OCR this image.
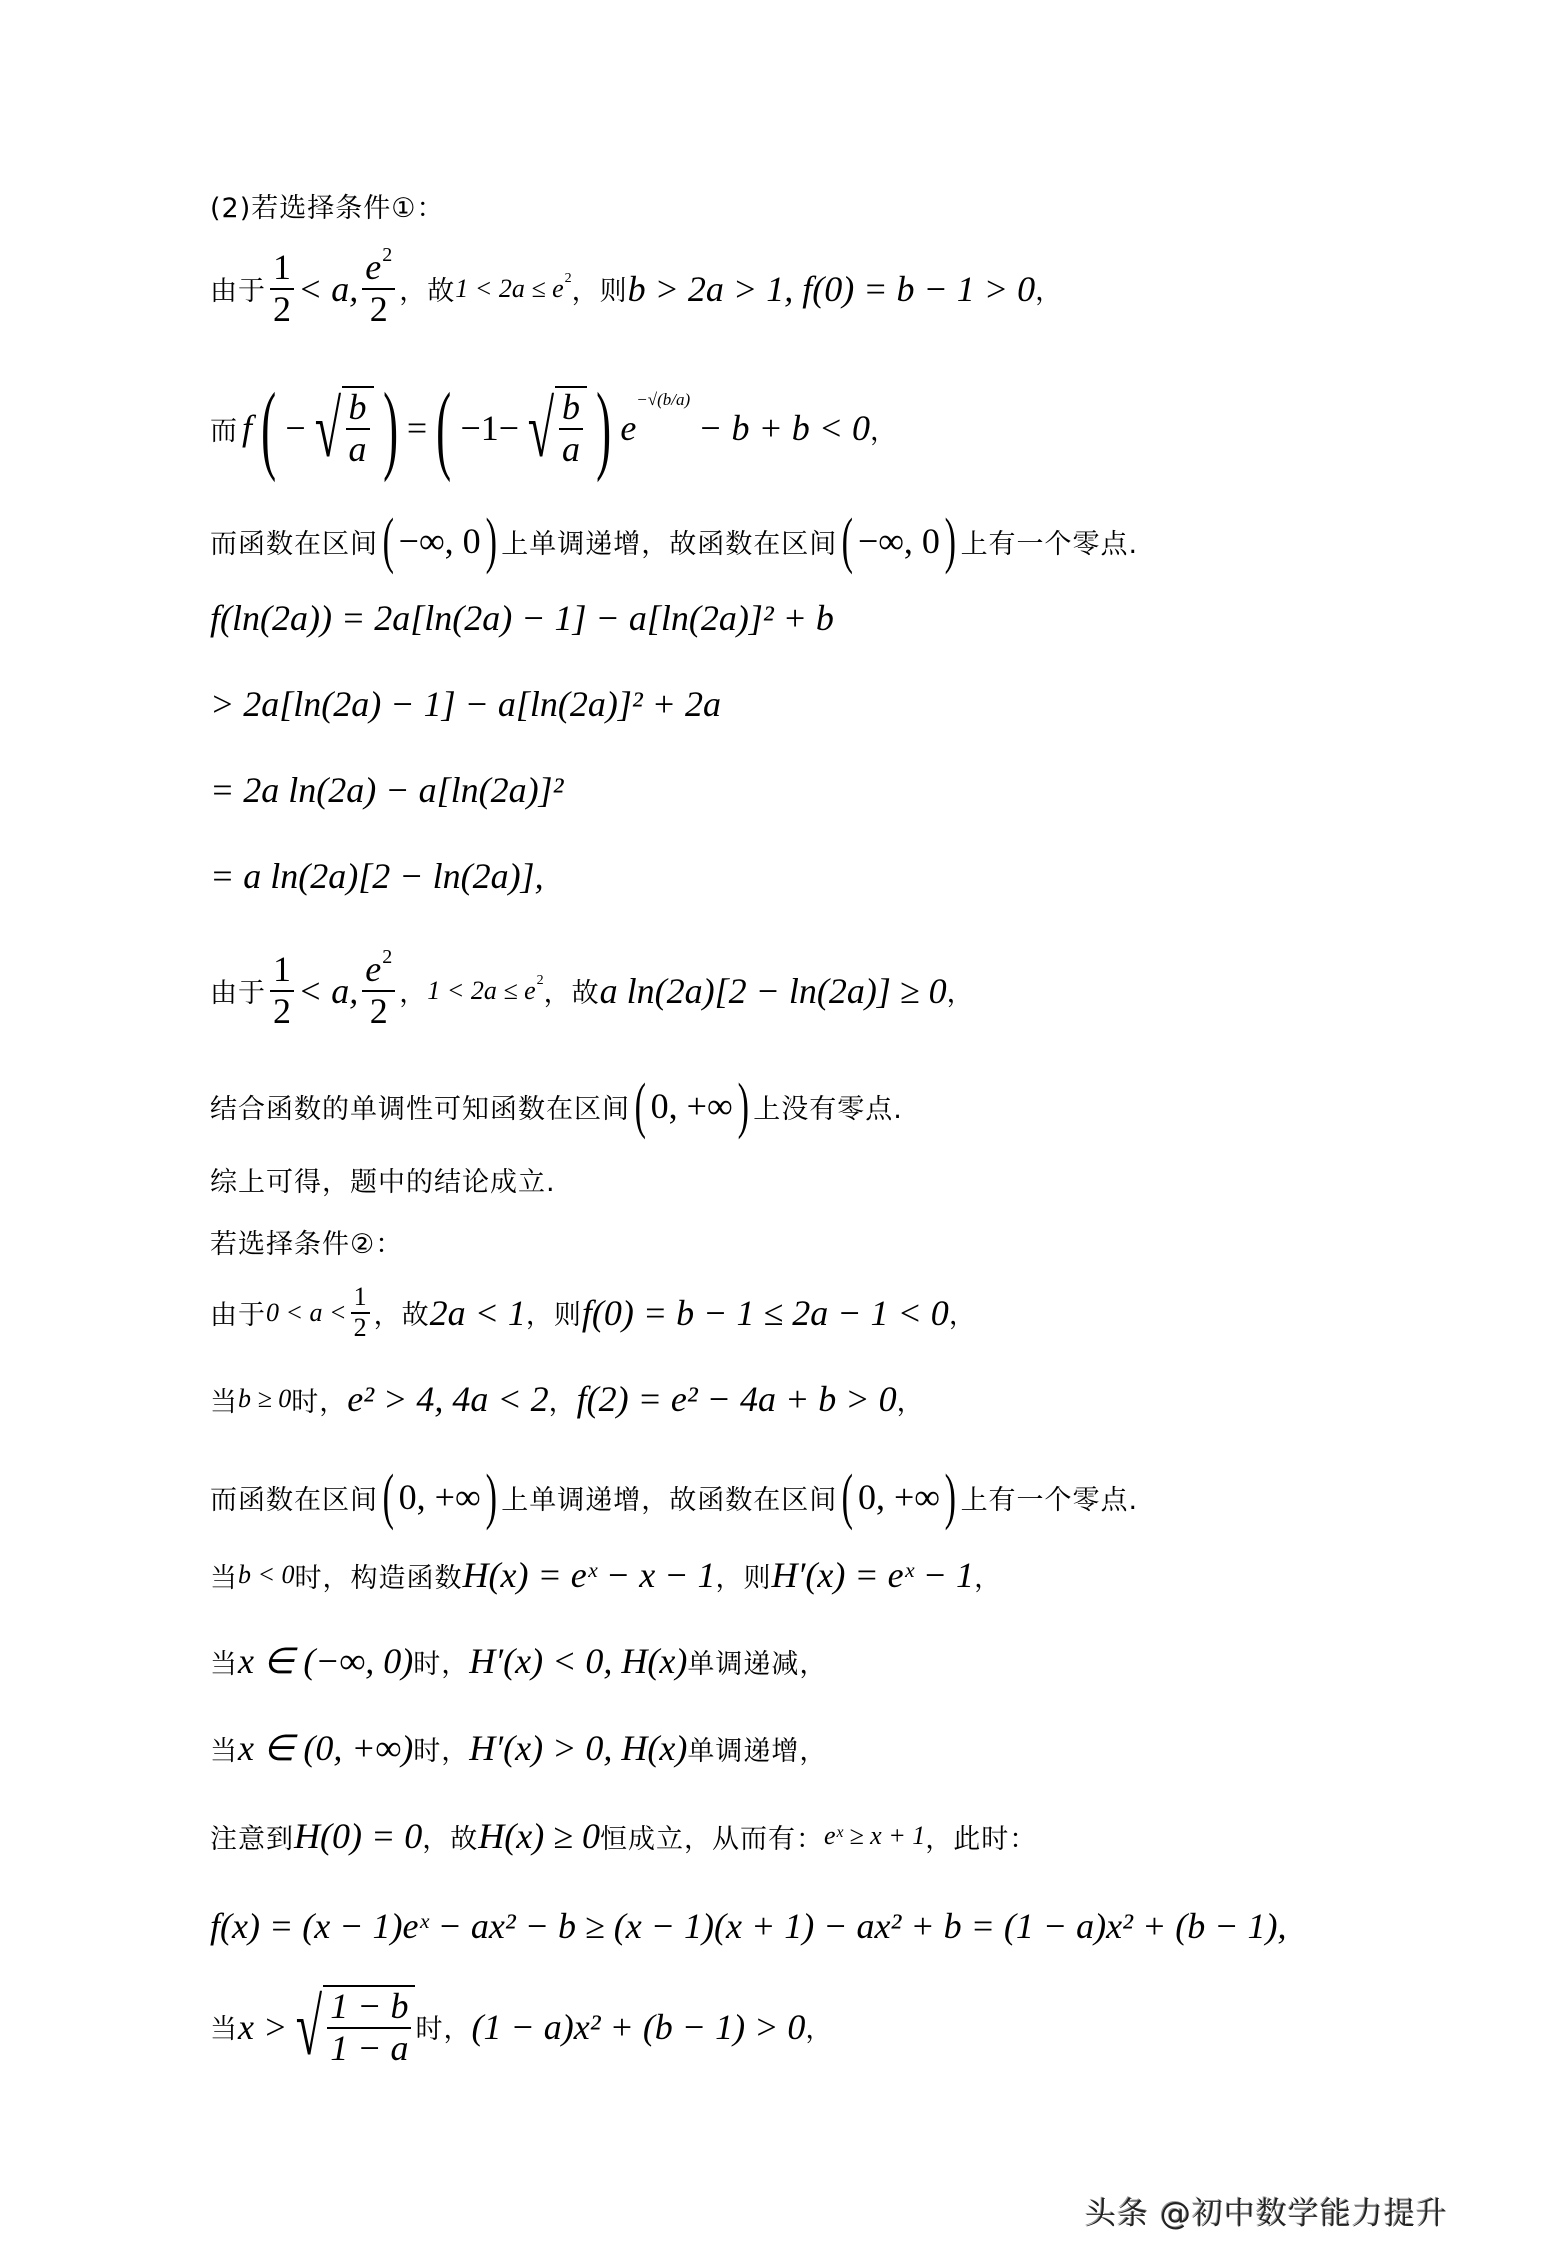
(2)若选择条件①：
由于 $\frac{1}{2} < a$, $\frac{e^2}{2}$ ，故 1 < 2a ≤ e 2 ，则 b > 2a > 1, f(0) = b − 1 > 0 ，
而 f ( − √ $\frac{b}{a}$ ) = ( −1− √ $\frac{b}{a}$ ) e
−√(b/a)
− b + b < 0 ，
而函数在区间 ( −∞, 0 ) 上单调递增，故函数在区间 ( −∞, 0 ) 上有一个零点.
f(ln(2a)) = 2a[ln(2a) − 1] − a[ln(2a)]² + b
> 2a[ln(2a) − 1] − a[ln(2a)]² + 2a
= 2a ln(2a) − a[ln(2a)]²
= a ln(2a)[2 − ln(2a)],
由于 $\frac{1}{2} < a$, $\frac{e^2}{2}$ ， 1 < 2a ≤ e 2 ，故 a ln(2a)[2 − ln(2a)] ≥ 0 ，
结合函数的单调性可知函数在区间 ( 0, +∞ ) 上没有零点.
综上可得，题中的结论成立.
若选择条件②：
由于 $0 < a < \frac{1}{2}$ ，故 2a < 1 ，则 f(0) = b − 1 ≤ 2a − 1 < 0 ，
当 b ≥ 0 时， e² > 4, 4a < 2 ， f(2) = e² − 4a + b > 0 ，
而函数在区间 ( 0, +∞ ) 上单调递增，故函数在区间 ( 0, +∞ ) 上有一个零点.
当 b < 0 时，构造函数 H(x) = eˣ − x − 1 ，则 H′(x) = eˣ − 1 ，
当 x ∈ (−∞, 0) 时， H′(x) < 0, H(x) 单调递减，
当 x ∈ (0, +∞) 时， H′(x) > 0, H(x) 单调递增，
注意到 H(0) = 0 ，故 H(x) ≥ 0 恒成立，从而有： eˣ ≥ x + 1 ，此时：
f(x) = (x − 1)eˣ − ax² − b ≥ (x − 1)(x + 1) − ax² + b = (1 − a)x² + (b − 1),
当 x > √ $\frac{1 - b}{1 - a}$ 时， (1 − a)x² + (b − 1) > 0 ，
头条 @初中数学能力提升
